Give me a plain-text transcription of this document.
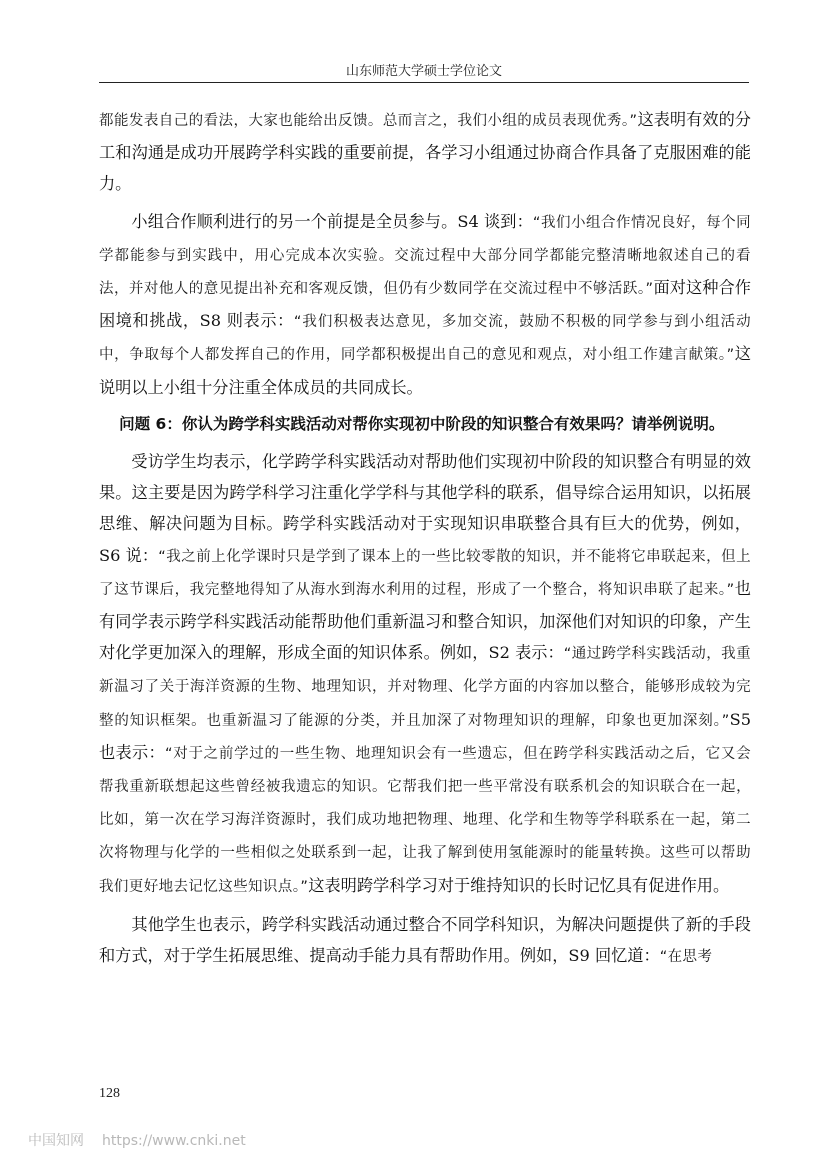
山东师范大学硕士学位论文

都能发表自己的看法，大家也能给出反馈。总而言之，我们小组的成员表现优秀。”这表明有效的分工和沟通是成功开展跨学科实践的重要前提，各学习小组通过协商合作具备了克服困难的能力。

小组合作顺利进行的另一个前提是全员参与。S4 谈到：“我们小组合作情况良好，每个同学都能参与到实践中，用心完成本次实验。交流过程中大部分同学都能完整清晰地叙述自己的看法，并对他人的意见提出补充和客观反馈，但仍有少数同学在交流过程中不够活跃。”面对这种合作困境和挑战，S8 则表示：“我们积极表达意见，多加交流，鼓励不积极的同学参与到小组活动中，争取每个人都发挥自己的作用，同学都积极提出自己的意见和观点，对小组工作建言献策。”这说明以上小组十分注重全体成员的共同成长。

问题 6：你认为跨学科实践活动对帮你实现初中阶段的知识整合有效果吗？请举例说明。

受访学生均表示，化学跨学科实践活动对帮助他们实现初中阶段的知识整合有明显的效果。这主要是因为跨学科学习注重化学学科与其他学科的联系，倡导综合运用知识，以拓展思维、解决问题为目标。跨学科实践活动对于实现知识串联整合具有巨大的优势，例如，S6 说：“我之前上化学课时只是学到了课本上的一些比较零散的知识，并不能将它串联起来，但上了这节课后，我完整地得知了从海水到海水利用的过程，形成了一个整合，将知识串联了起来。”也有同学表示跨学科实践活动能帮助他们重新温习和整合知识，加深他们对知识的印象，产生对化学更加深入的理解，形成全面的知识体系。例如，S2 表示：“通过跨学科实践活动，我重新温习了关于海洋资源的生物、地理知识，并对物理、化学方面的内容加以整合，能够形成较为完整的知识框架。也重新温习了能源的分类，并且加深了对物理知识的理解，印象也更加深刻。”S5 也表示：“对于之前学过的一些生物、地理知识会有一些遗忘，但在跨学科实践活动之后，它又会帮我重新联想起这些曾经被我遗忘的知识。它帮我们把一些平常没有联系机会的知识联合在一起，比如，第一次在学习海洋资源时，我们成功地把物理、地理、化学和生物等学科联系在一起，第二次将物理与化学的一些相似之处联系到一起，让我了解到使用氢能源时的能量转换。这些可以帮助我们更好地去记忆这些知识点。”这表明跨学科学习对于维持知识的长时记忆具有促进作用。

其他学生也表示，跨学科实践活动通过整合不同学科知识，为解决问题提供了新的手段和方式，对于学生拓展思维、提高动手能力具有帮助作用。例如，S9 回忆道：“在思考

128
中国知网 https://www.cnki.net
